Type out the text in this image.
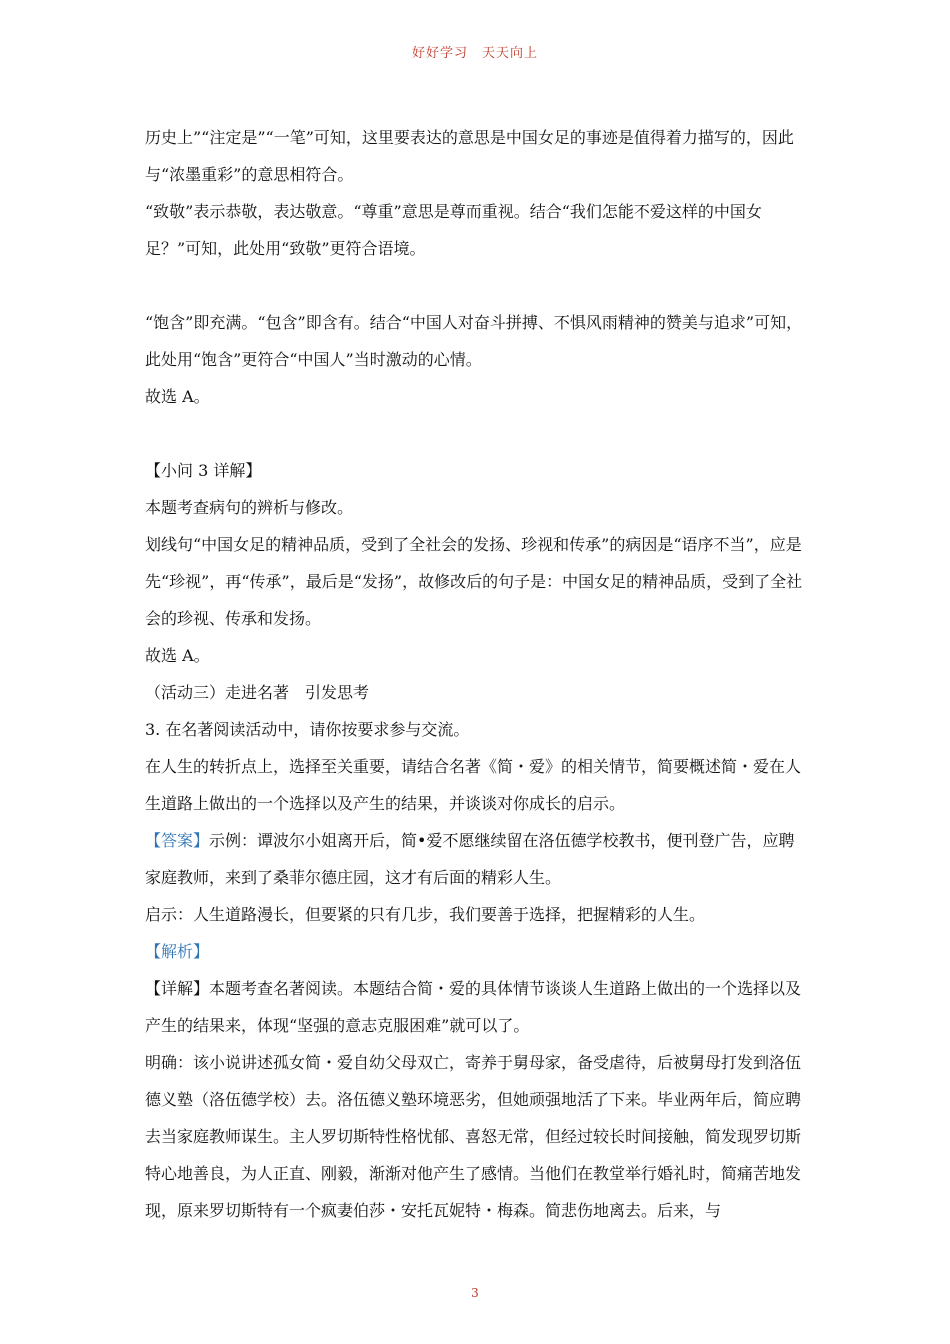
好好学习　天天向上

历史上”“注定是”“一笔”可知，这里要表达的意思是中国女足的事迹是值得着力描写的，因此与“浓墨重彩”的意思相符合。

“致敬”表示恭敬，表达敬意。“尊重”意思是尊而重视。结合“我们怎能不爱这样的中国女足？”可知，此处用“致敬”更符合语境。

“饱含”即充满。“包含”即含有。结合“中国人对奋斗拼搏、不惧风雨精神的赞美与追求”可知，此处用“饱含”更符合“中国人”当时激动的心情。

故选 A。

【小问 3 详解】

本题考查病句的辨析与修改。

划线句“中国女足的精神品质，受到了全社会的发扬、珍视和传承”的病因是“语序不当”，应是先“珍视”，再“传承”，最后是“发扬”，故修改后的句子是：中国女足的精神品质，受到了全社会的珍视、传承和发扬。

故选 A。

（活动三）走进名著　引发思考

3. 在名著阅读活动中，请你按要求参与交流。

在人生的转折点上，选择至关重要，请结合名著《简・爱》的相关情节，简要概述简・爱在人生道路上做出的一个选择以及产生的结果，并谈谈对你成长的启示。

【答案】示例：谭波尔小姐离开后，简•爱不愿继续留在洛伍德学校教书，便刊登广告，应聘家庭教师，来到了桑菲尔德庄园，这才有后面的精彩人生。

启示：人生道路漫长，但要紧的只有几步，我们要善于选择，把握精彩的人生。

【解析】

【详解】本题考查名著阅读。本题结合简・爱的具体情节谈谈人生道路上做出的一个选择以及产生的结果来，体现“坚强的意志克服困难”就可以了。

明确：该小说讲述孤女简・爱自幼父母双亡，寄养于舅母家，备受虐待，后被舅母打发到洛伍德义塾（洛伍德学校）去。洛伍德义塾环境恶劣，但她顽强地活了下来。毕业两年后，简应聘去当家庭教师谋生。主人罗切斯特性格忧郁、喜怒无常，但经过较长时间接触，简发现罗切斯特心地善良，为人正直、刚毅，渐渐对他产生了感情。当他们在教堂举行婚礼时，简痛苦地发现，原来罗切斯特有一个疯妻伯莎・安托瓦妮特・梅森。简悲伤地离去。后来，与

3
